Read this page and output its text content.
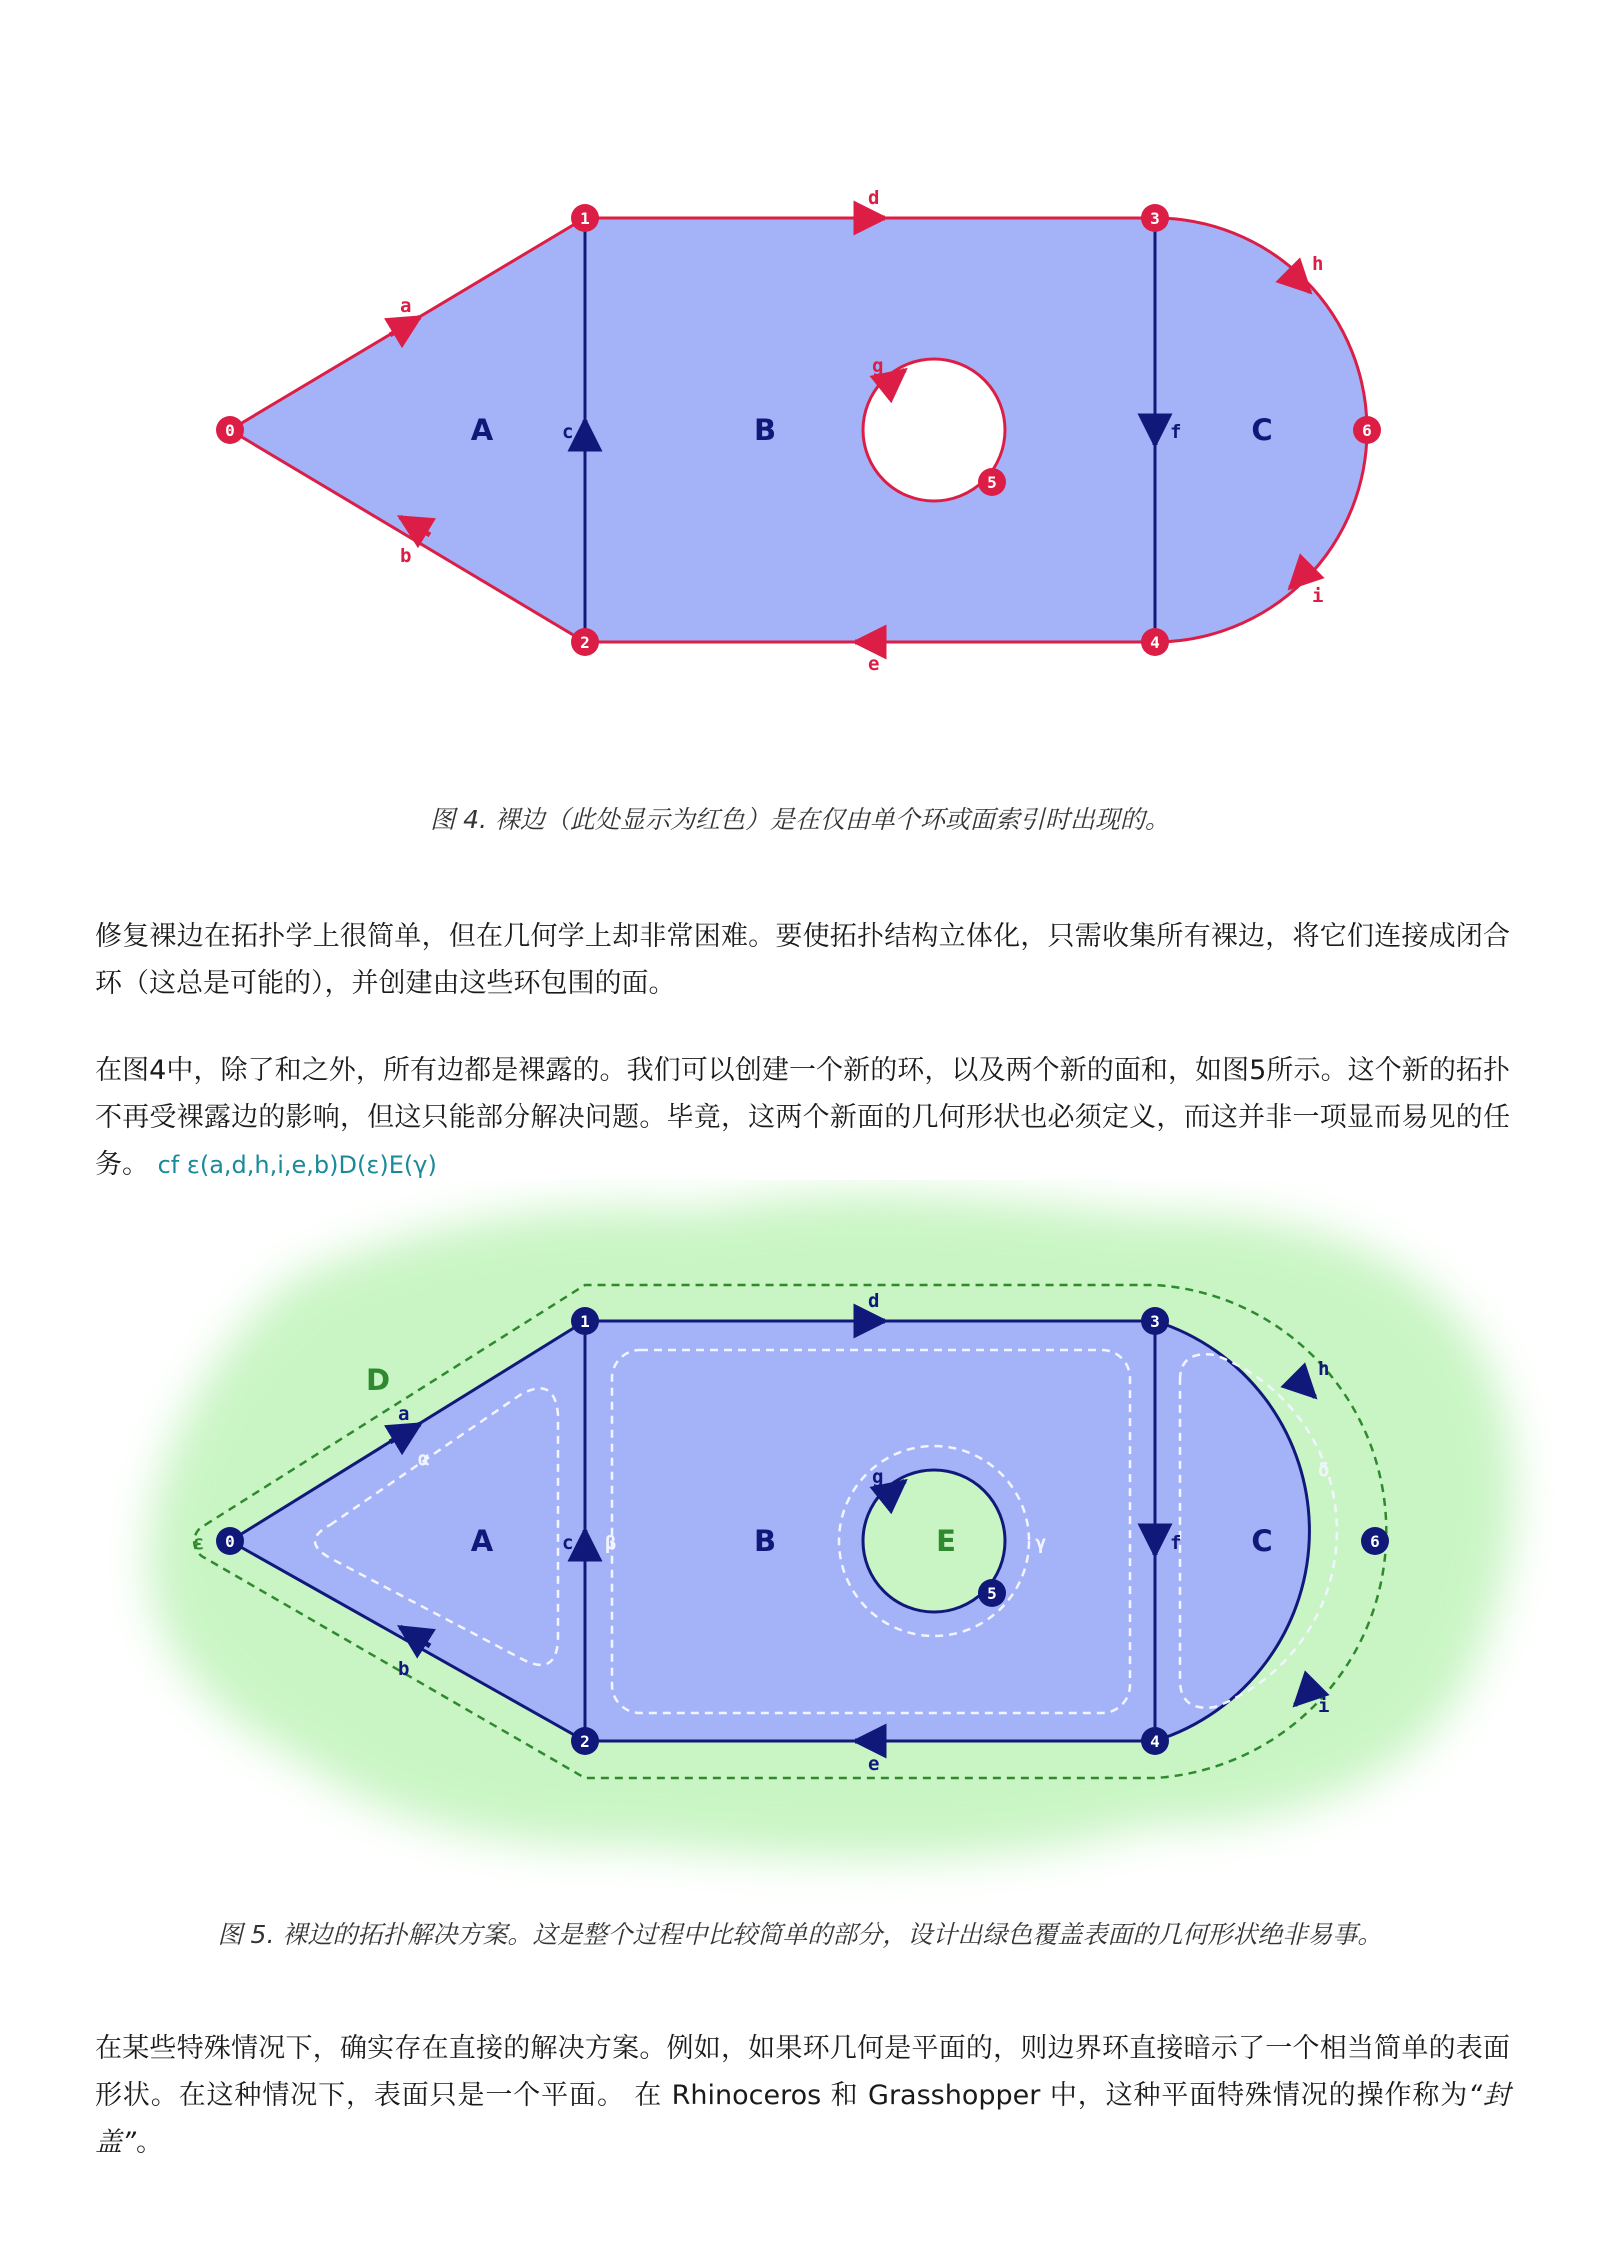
0
1
2
3
4
5
6
a
b
c
d
e
f
g
h
i
A	B	C
图 4. 裸边（此处显示为红色）是在仅由单个环或面索引时出现的。

修复裸边在拓扑学上很简单，但在几何学上却非常困难。要使拓扑结构立体化，只需收集所有裸边，将它们连接成闭合 环（这总是可能的），并创建由这些环包围的面。

在图4中，除了和之外，所有边都是裸露的。我们可以创建一个新的环，以及两个新的面和，如图5所示。这个新的拓扑不再受裸露边的影响，但这只能部分解决问题。毕竟，这两个新面的几何形状也必须定义，而这并非一项显而易见的任务。 cf ε(a,d,h,i,e,b)D(ε)E(γ)

0
1
2
3
4
5
6
a
b
c
d
e
f
g
h
i
α
β	γ
δ
ε	A	B	C
D
E
图 5. 裸边的拓扑解决方案。这是整个过程中比较简单的部分，设计出绿色覆盖表面的几何形状绝非易事。

在某些特殊情况下，确实存在直接的解决方案。例如，如果环几何是平面的，则边界环直接暗示了一个相当简单的表面形状。在这种情况下，表面只是一个平面。 在 Rhinoceros 和 Grasshopper 中，这种平面特殊情况的操作称为“封盖”。
